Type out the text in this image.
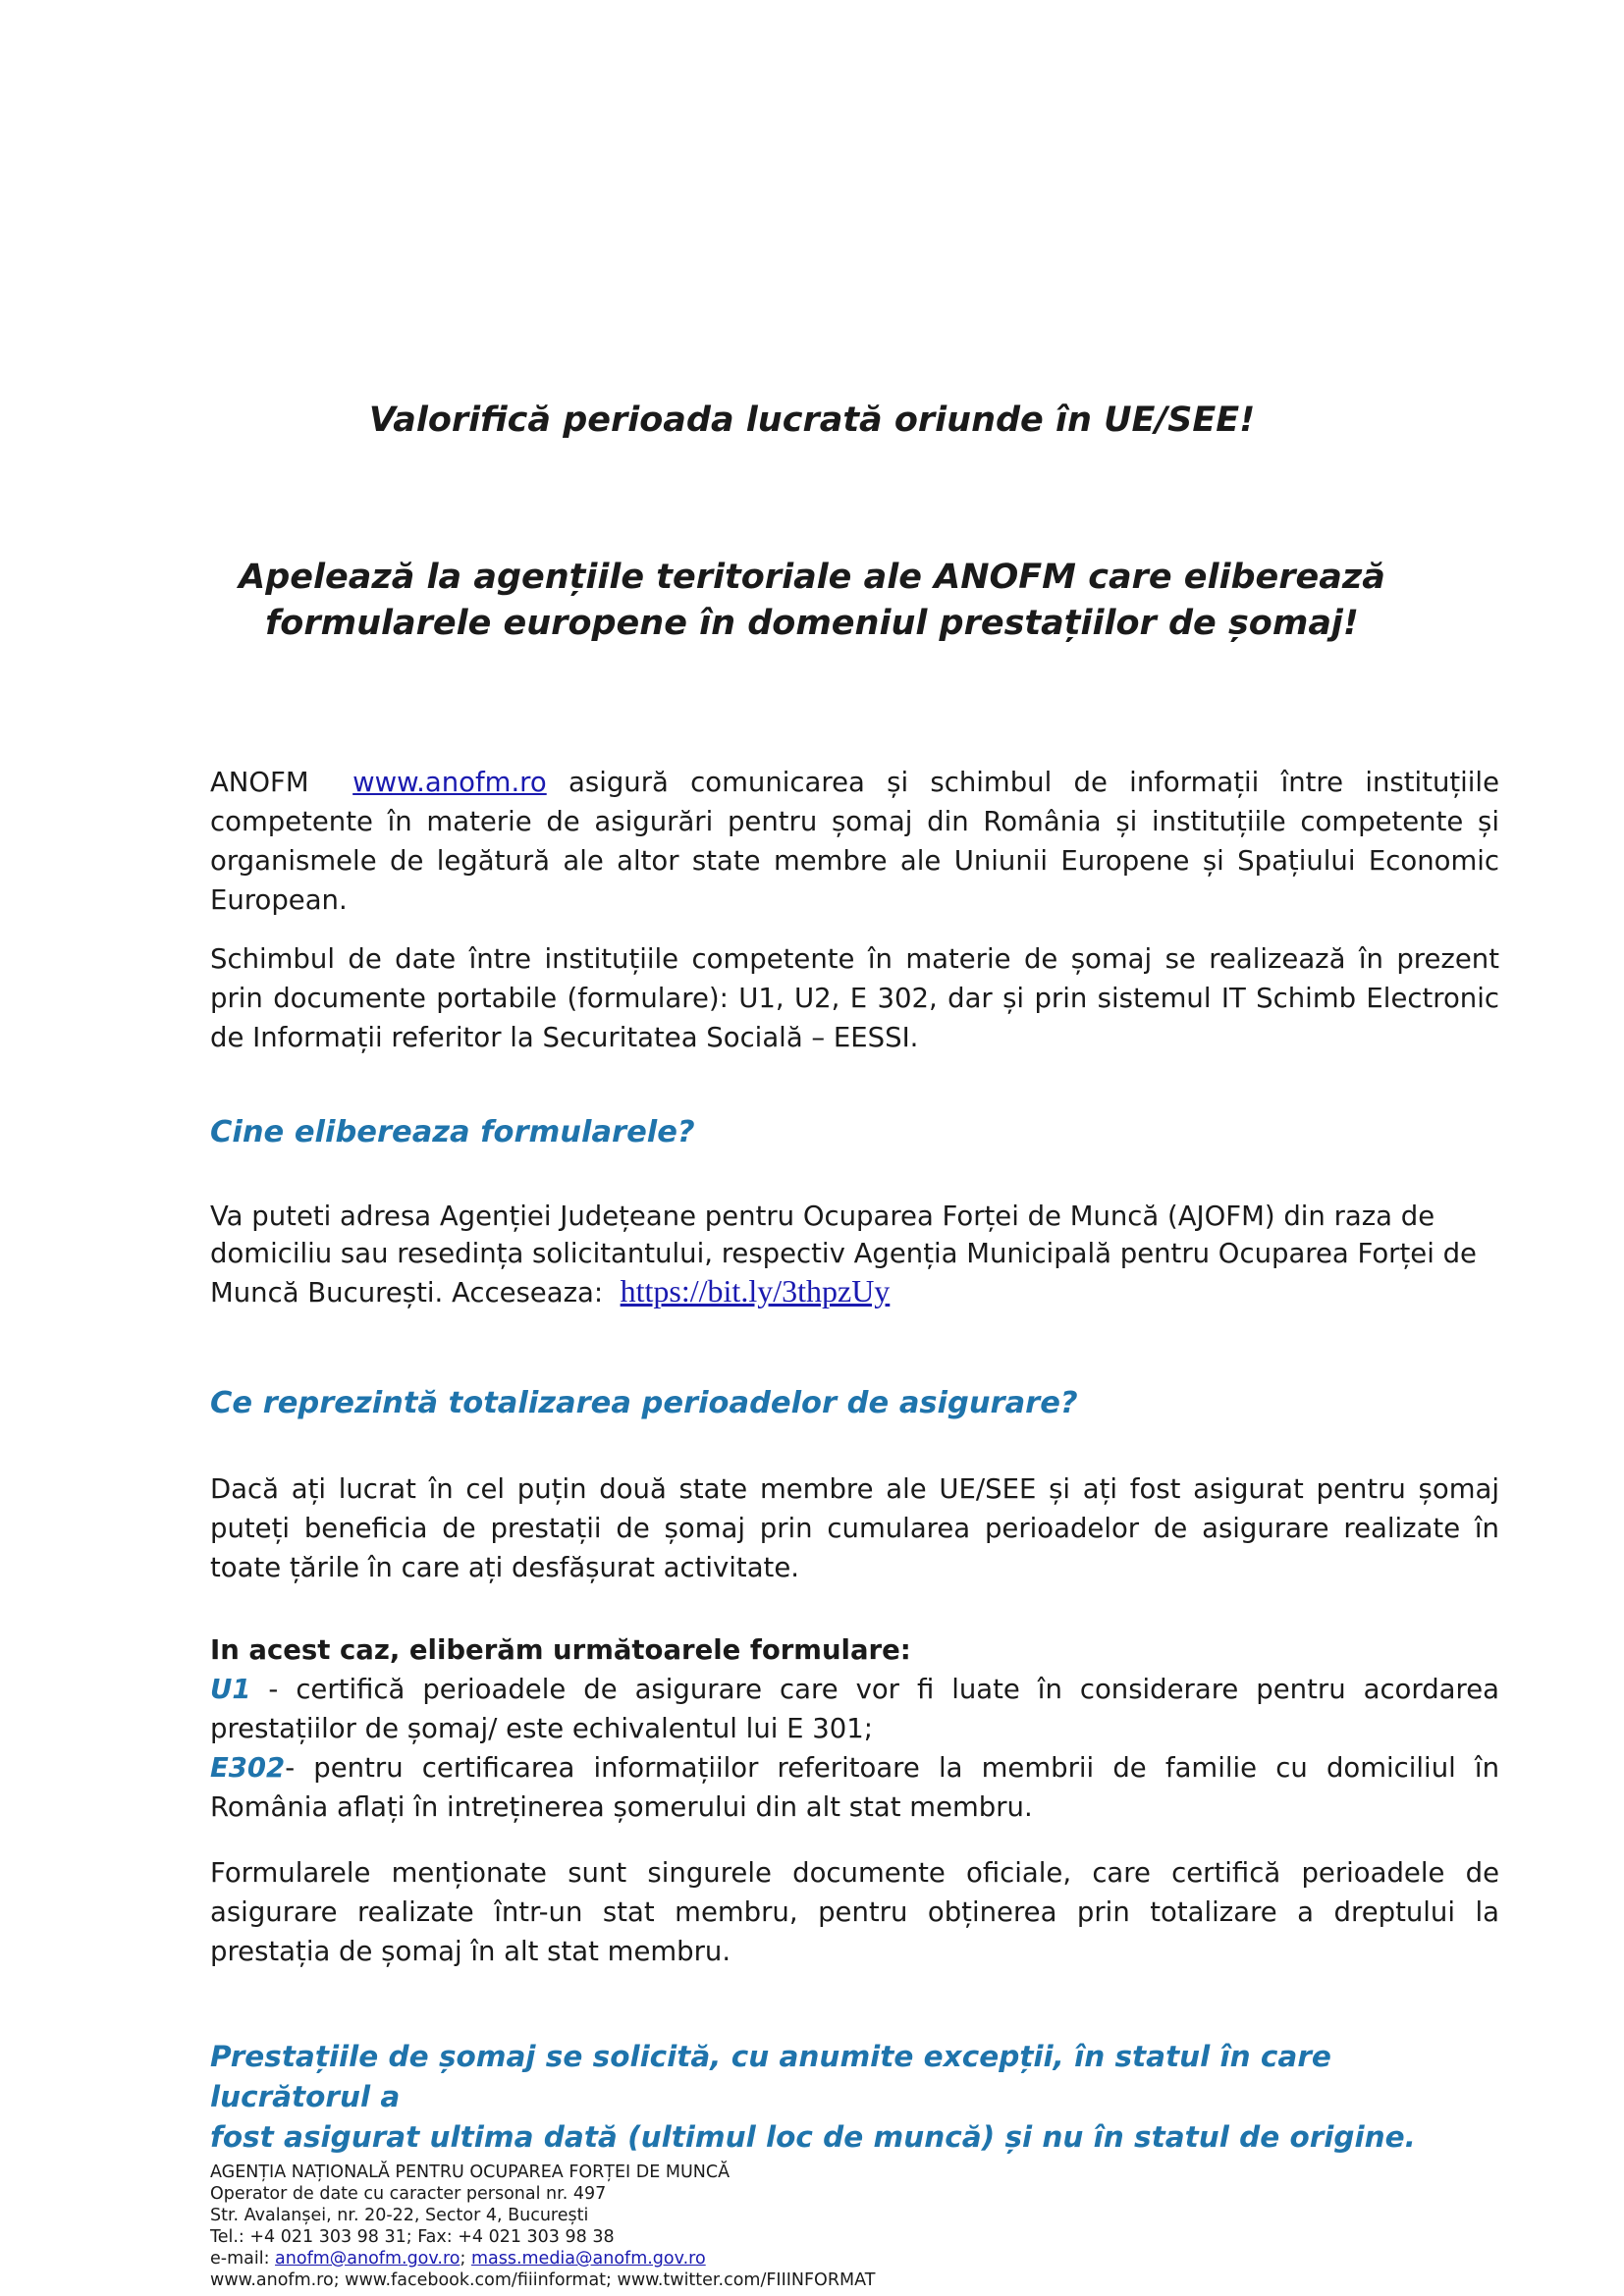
Valorifică perioada lucrată oriunde în UE/SEE!
Apelează la agențiile teritoriale ale ANOFM care eliberează
formularele europene în domeniul prestațiilor de șomaj!

ANOFM www.anofm.ro asigură comunicarea și schimbul de informații între instituțiile competente în materie de asigurări pentru șomaj din România și instituțiile competente și organismele de legătură ale altor state membre ale Uniunii Europene și Spațiului Economic European.

Schimbul de date între instituțiile competente în materie de șomaj se realizează în prezent prin documente portabile (formulare): U1, U2, E 302, dar și prin sistemul IT Schimb Electronic de Informații referitor la Securitatea Socială – EESSI.

Cine elibereaza formularele?
Va puteti adresa Agenției Județeane pentru Ocuparea Forței de Muncă (AJOFM) din raza de
domiciliu sau resedința solicitantului, respectiv Agenția Municipală pentru Ocuparea Forței de
Muncă București. Acceseaza: https://bit.ly/3thpzUy
Ce reprezintă totalizarea perioadelor de asigurare?

Dacă ați lucrat în cel puțin două state membre ale UE/SEE și ați fost asigurat pentru șomaj puteți beneficia de prestații de șomaj prin cumularea perioadelor de asigurare realizate în toate țările în care ați desfășurat activitate.

In acest caz, eliberăm următoarele formulare:

U1 - certifică perioadele de asigurare care vor fi luate în considerare pentru acordarea prestațiilor de șomaj/ este echivalentul lui E 301;

E302- pentru certificarea informațiilor referitoare la membrii de familie cu domiciliul în România aflați în intreținerea șomerului din alt stat membru.

Formularele menționate sunt singurele documente oficiale, care certifică perioadele de asigurare realizate într-un stat membru, pentru obținerea prin totalizare a dreptului la prestația de șomaj în alt stat membru.

Prestațiile de șomaj se solicită, cu anumite excepții, în statul în care lucrătorul a
fost asigurat ultima dată (ultimul loc de muncă) și nu în statul de origine.
AGENȚIA NAȚIONALĂ PENTRU OCUPAREA FORȚEI DE MUNCĂ
Operator de date cu caracter personal nr. 497
Str. Avalanșei, nr. 20-22, Sector 4, București
Tel.: +4 021 303 98 31; Fax: +4 021 303 98 38
e-mail: anofm@anofm.gov.ro; mass.media@anofm.gov.ro
www.anofm.ro; www.facebook.com/fiiinformat; www.twitter.com/FIIINFORMAT
